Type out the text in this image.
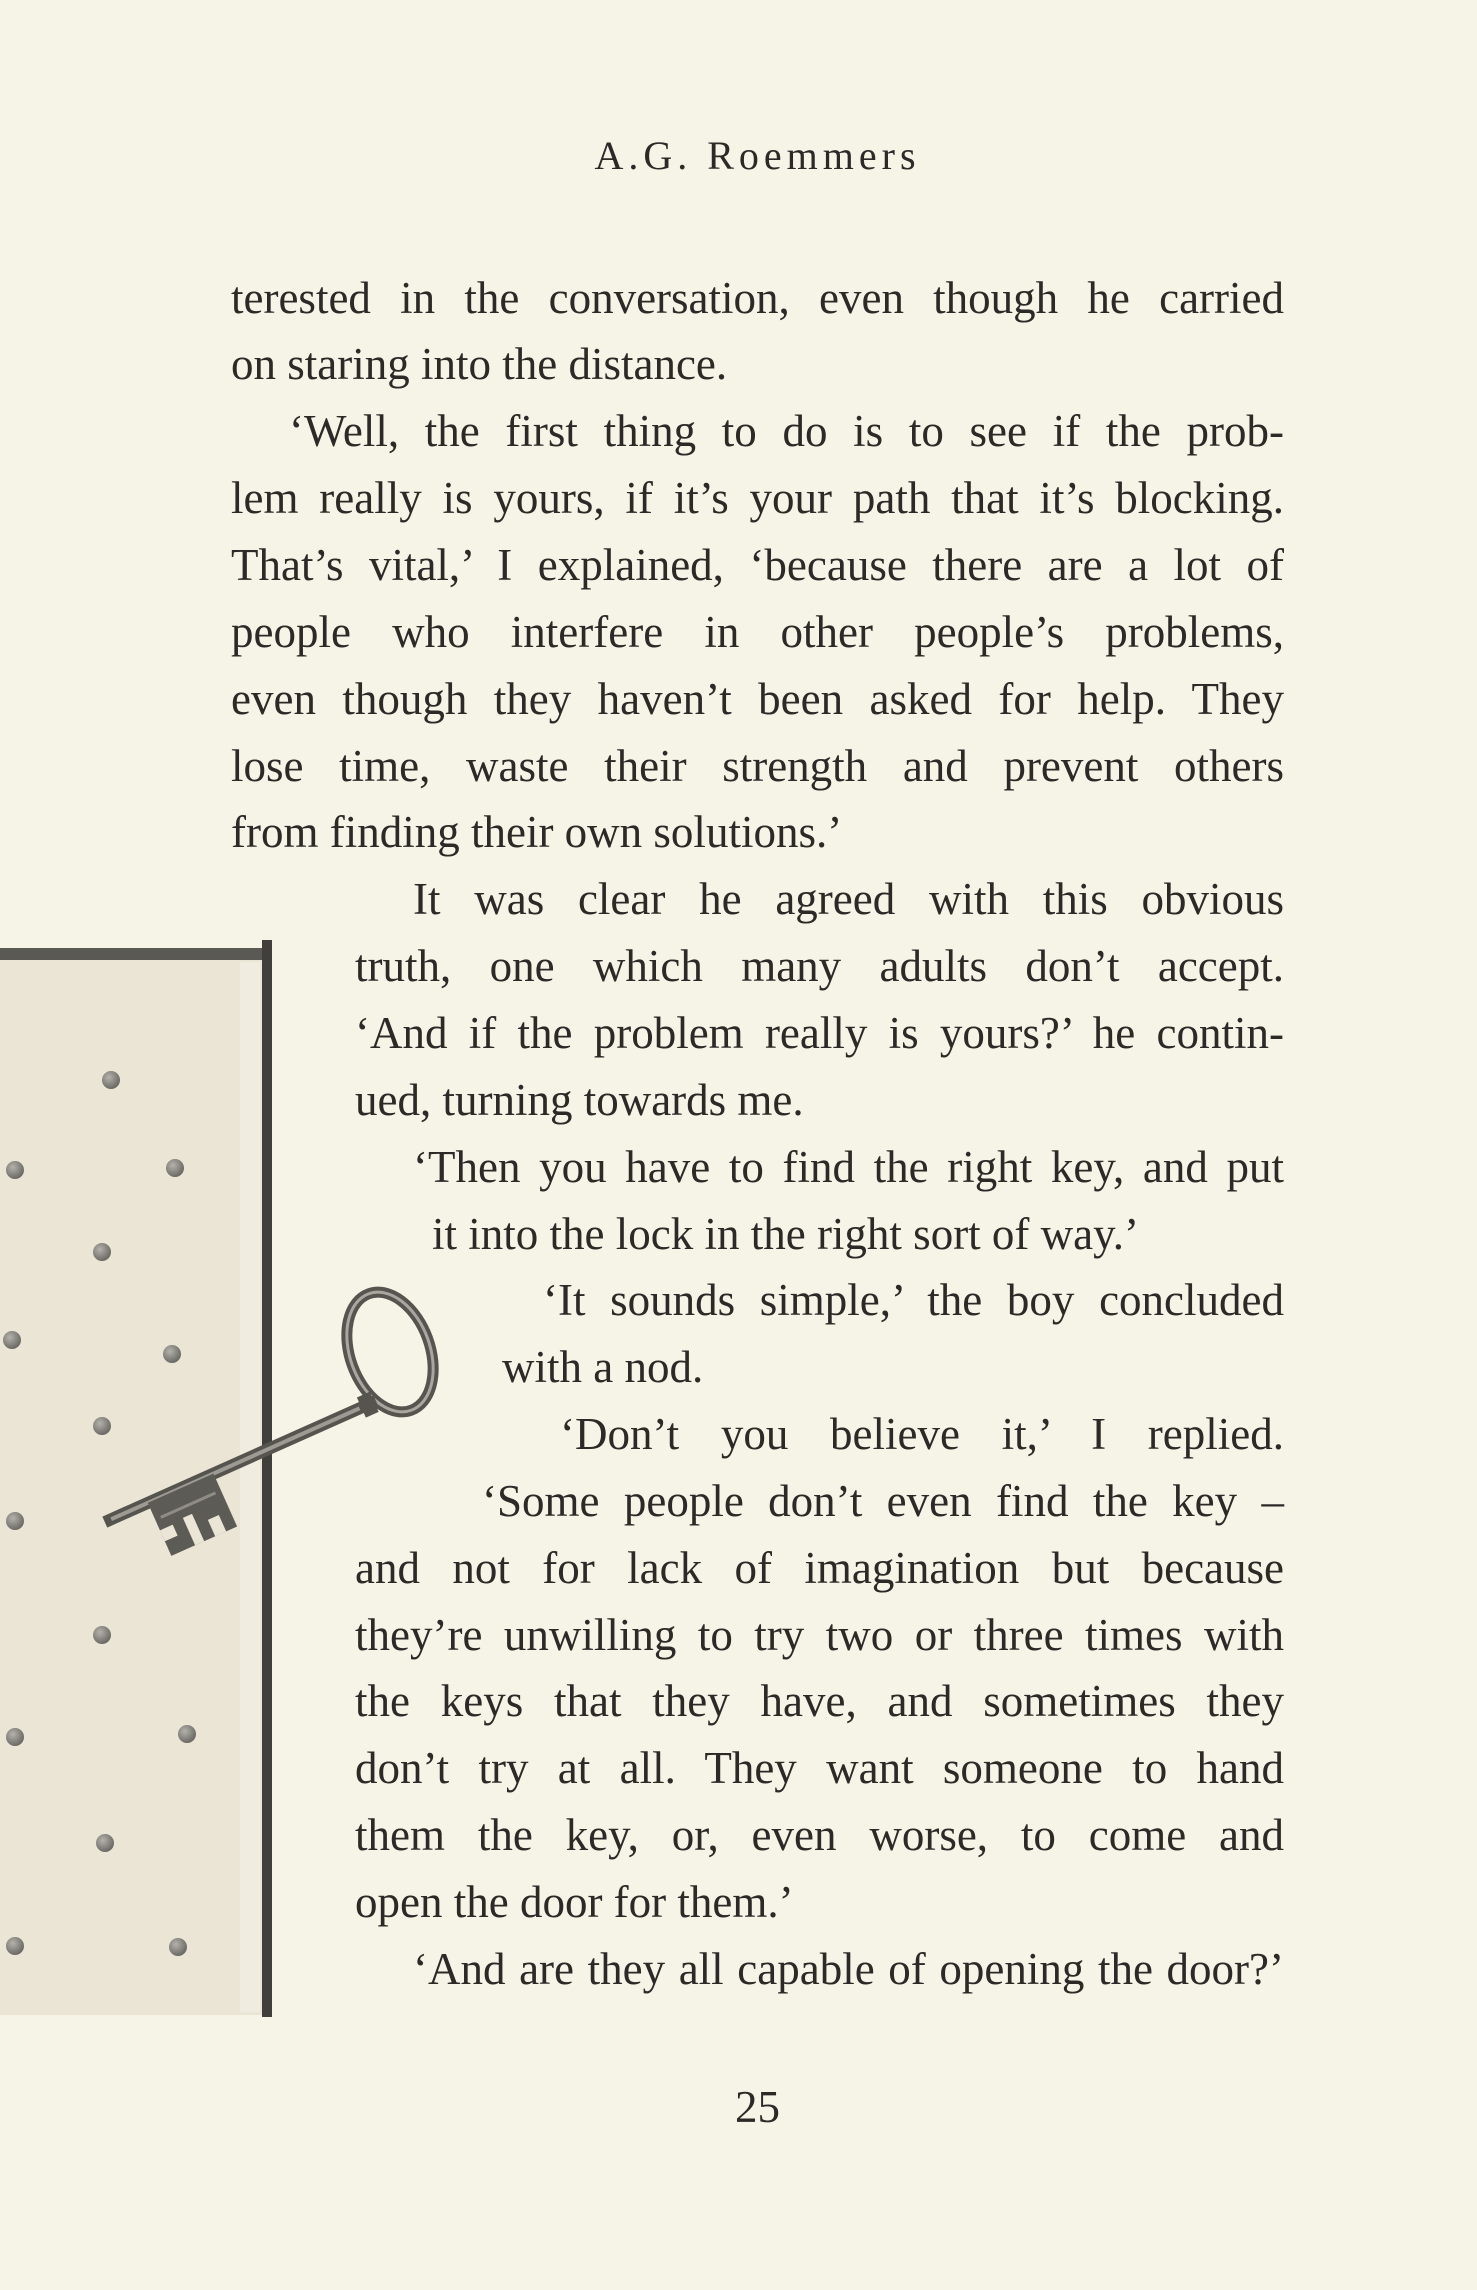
A.G. Roemmers
terested in the conversation, even though he carried
on staring into the distance.
‘Well, the first thing to do is to see if the prob-
lem really is yours, if it’s your path that it’s blocking.
That’s vital,’ I explained, ‘because there are a lot of
people who interfere in other people’s problems,
even though they haven’t been asked for help. They
lose time, waste their strength and prevent others
from finding their own solutions.’
It was clear he agreed with this obvious
truth, one which many adults don’t accept.
‘And if the problem really is yours?’ he contin-
ued, turning towards me.
‘Then you have to find the right key, and put
it into the lock in the right sort of way.’
‘It sounds simple,’ the boy concluded
with a nod.
‘Don’t you believe it,’ I replied.
‘Some people don’t even find the key –
and not for lack of imagination but because
they’re unwilling to try two or three times with
the keys that they have, and sometimes they
don’t try at all. They want someone to hand
them the key, or, even worse, to come and
open the door for them.’
‘And are they all capable of opening the door?’
25
